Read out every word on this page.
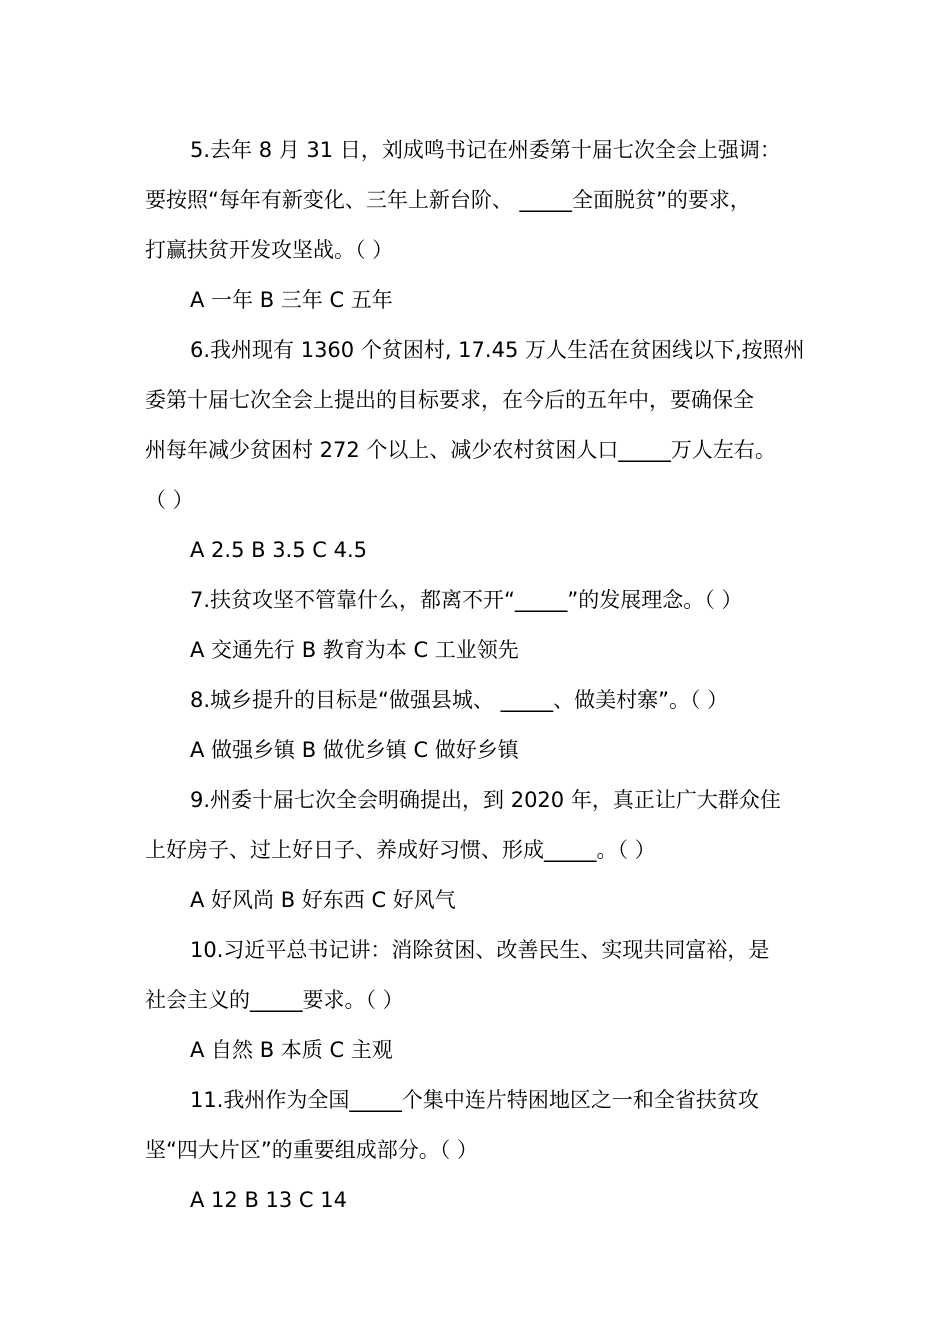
5.去年 8 月 31 日，刘成鸣书记在州委第十届七次全会上强调：
要按照“每年有新变化、三年上新台阶、 _____全面脱贫”的要求，
打赢扶贫开发攻坚战。（ ）
A 一年 B 三年 C 五年
6.我州现有 1360 个贫困村, 17.45 万人生活在贫困线以下,按照州
委第十届七次全会上提出的目标要求，在今后的五年中，要确保全
州每年减少贫困村 272 个以上、减少农村贫困人口_____万人左右。
（ ）
A 2.5 B 3.5 C 4.5
7.扶贫攻坚不管靠什么，都离不开“_____”的发展理念。（ ）
A 交通先行 B 教育为本 C 工业领先
8.城乡提升的目标是“做强县城、 _____、做美村寨”。（ ）
A 做强乡镇 B 做优乡镇 C 做好乡镇
9.州委十届七次全会明确提出，到 2020 年，真正让广大群众住
上好房子、过上好日子、养成好习惯、形成_____。（ ）
A 好风尚 B 好东西 C 好风气
10.习近平总书记讲：消除贫困、改善民生、实现共同富裕，是
社会主义的_____要求。（ ）
A 自然 B 本质 C 主观
11.我州作为全国_____个集中连片特困地区之一和全省扶贫攻
坚“四大片区”的重要组成部分。（ ）
A 12 B 13 C 14
